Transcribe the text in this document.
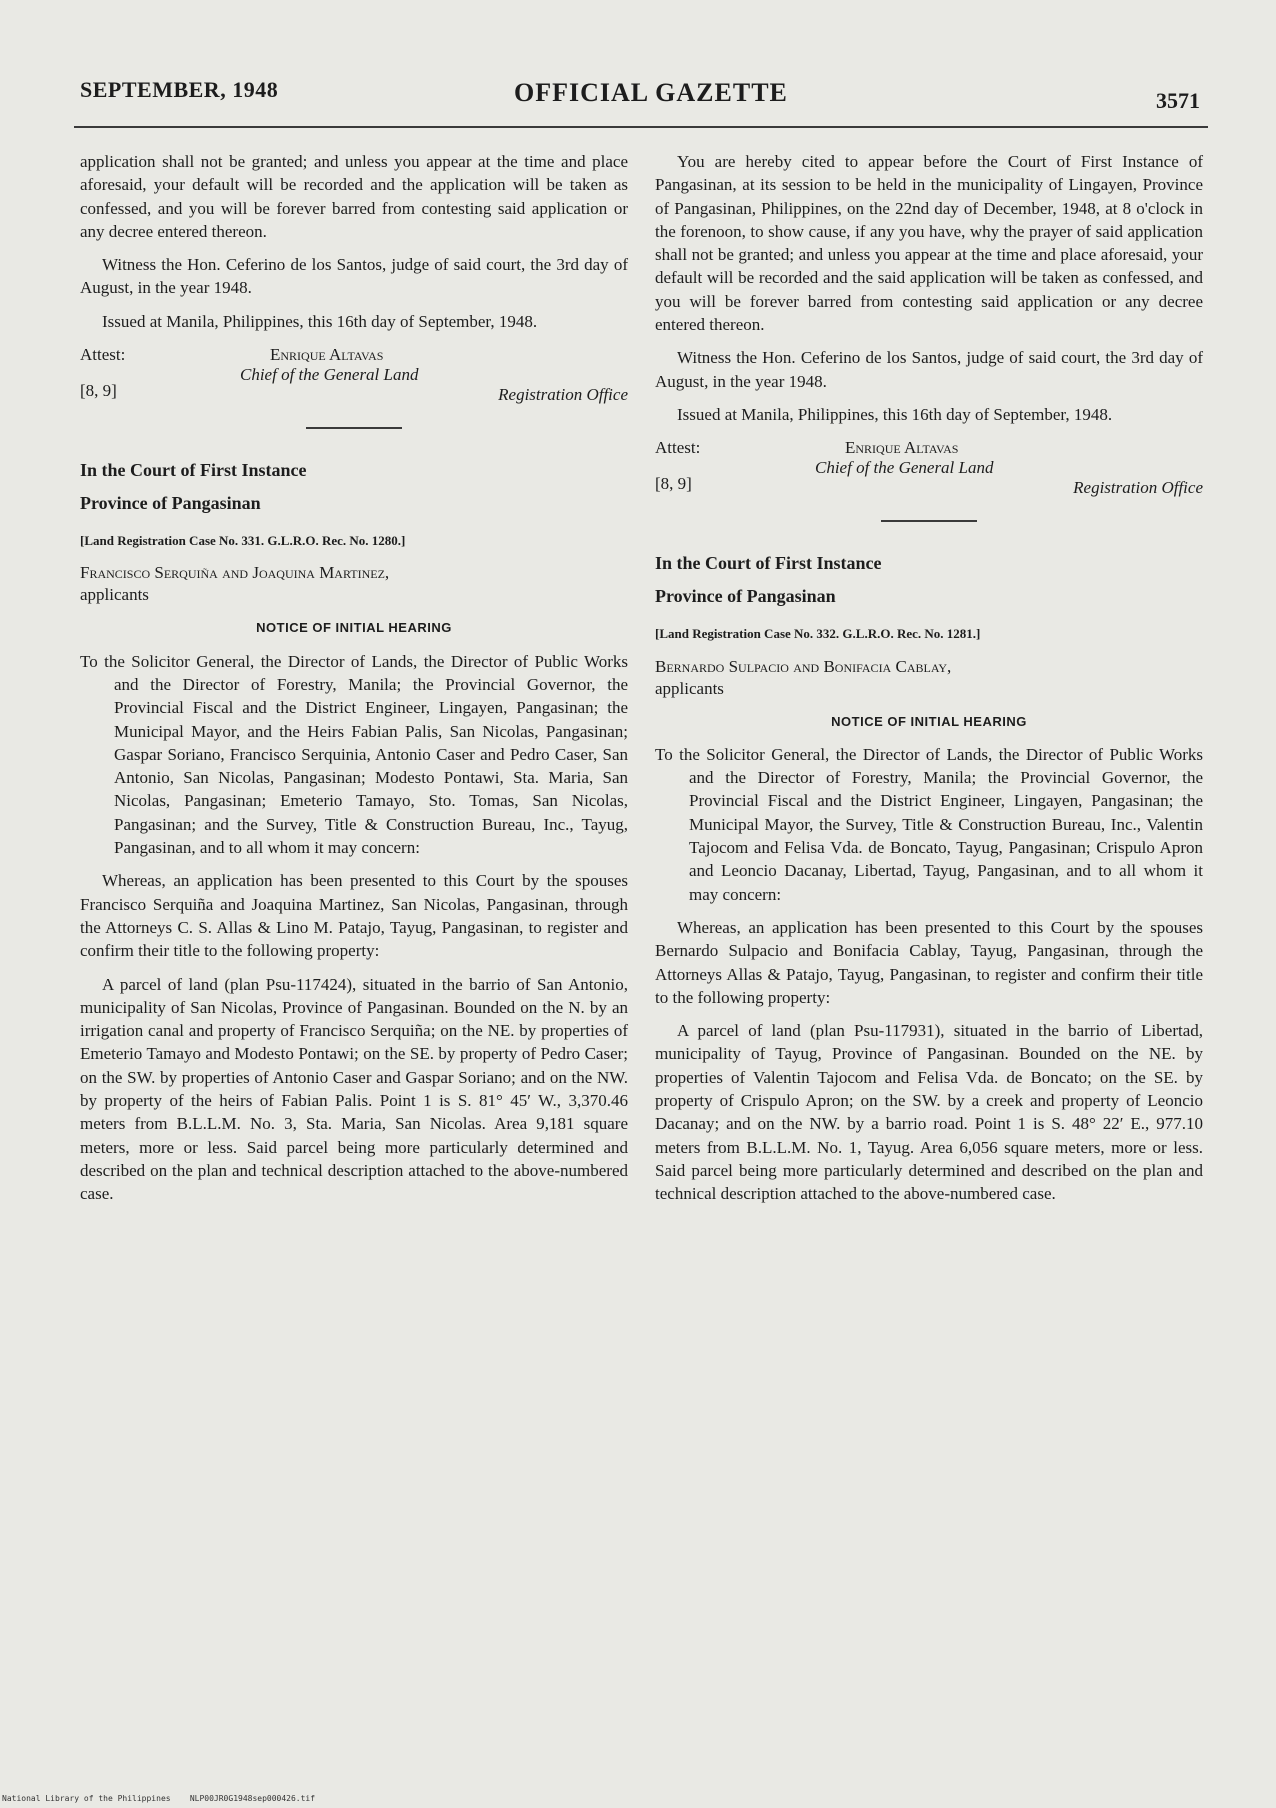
SEPTEMBER, 1948	OFFICIAL GAZETTE	3571

application shall not be granted; and unless you appear at the time and place aforesaid, your default will be recorded and the application will be taken as confessed, and you will be forever barred from contesting said application or any decree entered thereon.

Witness the Hon. Ceferino de los Santos, judge of said court, the 3rd day of August, in the year 1948.

Issued at Manila, Philippines, this 16th day of September, 1948.

Attest:
[8, 9]
Enrique Altavas
Chief of the General Land
Registration Office

In the Court of First Instance

Province of Pangasinan

[Land Registration Case No. 331. G.L.R.O. Rec. No. 1280.]

Francisco Serquiña and Joaquina Martinez,
applicants

NOTICE OF INITIAL HEARING

To the Solicitor General, the Director of Lands, the Director of Public Works and the Director of Forestry, Manila; the Provincial Governor, the Provincial Fiscal and the District Engineer, Lingayen, Pangasinan; the Municipal Mayor, and the Heirs Fabian Palis, San Nicolas, Pangasinan; Gaspar Soriano, Francisco Serquinia, Antonio Caser and Pedro Caser, San Antonio, San Nicolas, Pangasinan; Modesto Pontawi, Sta. Maria, San Nicolas, Pangasinan; Emeterio Tamayo, Sto. Tomas, San Nicolas, Pangasinan; and the Survey, Title & Construction Bureau, Inc., Tayug, Pangasinan, and to all whom it may concern:

Whereas, an application has been presented to this Court by the spouses Francisco Serquiña and Joaquina Martinez, San Nicolas, Pangasinan, through the Attorneys C. S. Allas & Lino M. Patajo, Tayug, Pangasinan, to register and confirm their title to the following property:

A parcel of land (plan Psu-117424), situated in the barrio of San Antonio, municipality of San Nicolas, Province of Pangasinan. Bounded on the N. by an irrigation canal and property of Francisco Serquiña; on the NE. by properties of Emeterio Tamayo and Modesto Pontawi; on the SE. by property of Pedro Caser; on the SW. by properties of Antonio Caser and Gaspar Soriano; and on the NW. by property of the heirs of Fabian Palis. Point 1 is S. 81° 45′ W., 3,370.46 meters from B.L.L.M. No. 3, Sta. Maria, San Nicolas. Area 9,181 square meters, more or less. Said parcel being more particularly determined and described on the plan and technical description attached to the above-numbered case.

You are hereby cited to appear before the Court of First Instance of Pangasinan, at its session to be held in the municipality of Lingayen, Province of Pangasinan, Philippines, on the 22nd day of December, 1948, at 8 o'clock in the forenoon, to show cause, if any you have, why the prayer of said application shall not be granted; and unless you appear at the time and place aforesaid, your default will be recorded and the said application will be taken as confessed, and you will be forever barred from contesting said application or any decree entered thereon.

Witness the Hon. Ceferino de los Santos, judge of said court, the 3rd day of August, in the year 1948.

Issued at Manila, Philippines, this 16th day of September, 1948.

Attest:
[8, 9]
Enrique Altavas
Chief of the General Land
Registration Office

In the Court of First Instance

Province of Pangasinan

[Land Registration Case No. 332. G.L.R.O. Rec. No. 1281.]

Bernardo Sulpacio and Bonifacia Cablay,
applicants

NOTICE OF INITIAL HEARING

To the Solicitor General, the Director of Lands, the Director of Public Works and the Director of Forestry, Manila; the Provincial Governor, the Provincial Fiscal and the District Engineer, Lingayen, Pangasinan; the Municipal Mayor, the Survey, Title & Construction Bureau, Inc., Valentin Tajocom and Felisa Vda. de Boncato, Tayug, Pangasinan; Crispulo Apron and Leoncio Dacanay, Libertad, Tayug, Pangasinan, and to all whom it may concern:

Whereas, an application has been presented to this Court by the spouses Bernardo Sulpacio and Bonifacia Cablay, Tayug, Pangasinan, through the Attorneys Allas & Patajo, Tayug, Pangasinan, to register and confirm their title to the following property:

A parcel of land (plan Psu-117931), situated in the barrio of Libertad, municipality of Tayug, Province of Pangasinan. Bounded on the NE. by properties of Valentin Tajocom and Felisa Vda. de Boncato; on the SE. by property of Crispulo Apron; on the SW. by a creek and property of Leoncio Dacanay; and on the NW. by a barrio road. Point 1 is S. 48° 22′ E., 977.10 meters from B.L.L.M. No. 1, Tayug. Area 6,056 square meters, more or less. Said parcel being more particularly determined and described on the plan and technical description attached to the above-numbered case.

National Library of the Philippines    NLP00JR0G1948sep000426.tif
